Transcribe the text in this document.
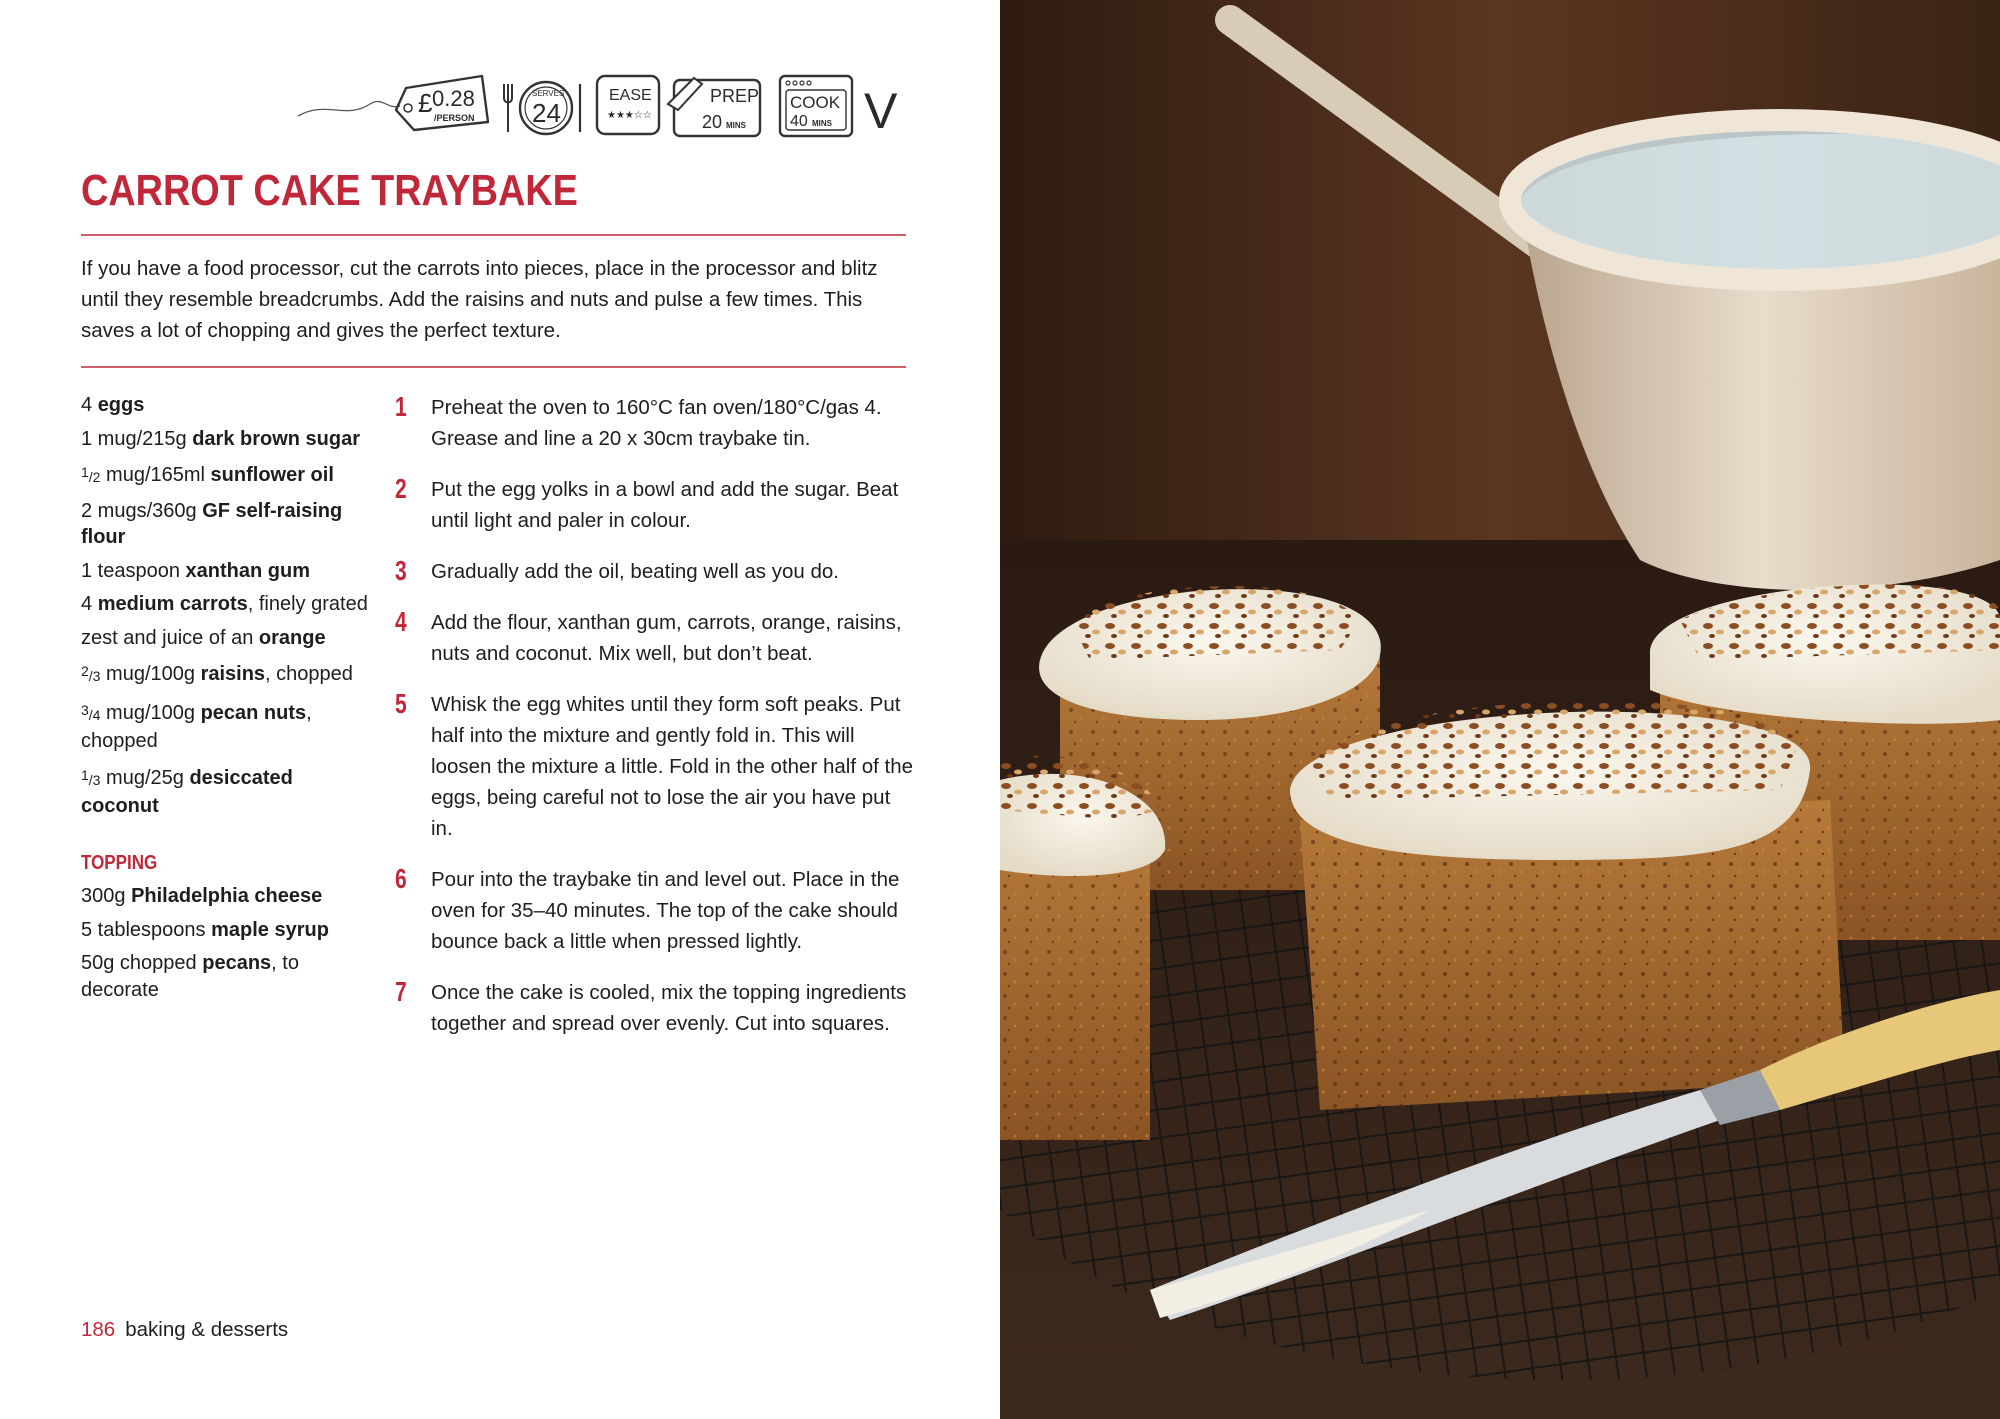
£ 0.28
/PERSON
SERVES
24
EASE
★★★☆☆
PREP
20 MINS
COOK
40 MINS V
CARROT CAKE TRAYBAKE

If you have a food processor, cut the carrots into pieces, place in the processor and blitz until they resemble breadcrumbs. Add the raisins and nuts and pulse a few times. This saves a lot of chopping and gives the perfect texture.

4 eggs
1 mug/215g dark brown sugar
$^1$/2 mug/165ml sunflower oil
2 mugs/360g GF self-raising flour
1 teaspoon xanthan gum
4 medium carrots, finely grated
zest and juice of an orange
$^2$/3 mug/100g raisins, chopped
$^3$/4 mug/100g pecan nuts, chopped
$^1$/3 mug/25g desiccated coconut
TOPPING
300g Philadelphia cheese
5 tablespoons maple syrup
50g chopped pecans, to decorate
1 Preheat the oven to 160°C fan oven/180°C/gas 4. Grease and line a 20 x 30cm traybake tin.
2 Put the egg yolks in a bowl and add the sugar. Beat until light and paler in colour.
3 Gradually add the oil, beating well as you do.
4 Add the flour, xanthan gum, carrots, orange, raisins, nuts and coconut. Mix well, but don’t beat.
5 Whisk the egg whites until they form soft peaks. Put half into the mixture and gently fold in. This will loosen the mixture a little. Fold in the other half of the eggs, being careful not to lose the air you have put in.
6 Pour into the traybake tin and level out. Place in the oven for 35–40 minutes. The top of the cake should bounce back a little when pressed lightly.
7 Once the cake is cooled, mix the topping ingredients together and spread over evenly. Cut into squares.
186 baking & desserts
